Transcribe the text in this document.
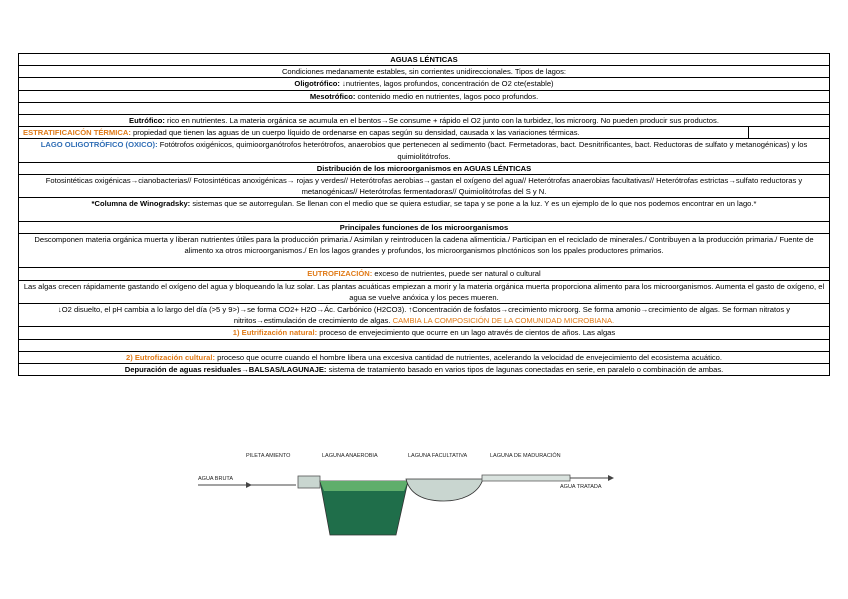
AGUAS LÉNTICAS
Condiciones medanamente estables, sin corrientes unidireccionales. Tipos de lagos:
Oligotrófico: ↓nutrientes, lagos profundos, concentración de O2 cte(estable)
Mesotrófico: contenido medio en nutrientes, lagos poco profundos.
Eutrófico: rico en nutrientes. La materia orgánica se acumula en el bentos→Se consume + rápido el O2 junto con la turbidez, los microorg. No pueden producir sus productos.
ESTRATIFICAICÓN TÉRMICA: propiedad que tienen las aguas de un cuerpo líquido de ordenarse en capas según su densidad, causada x las variaciones térmicas.
LAGO OLIGOTRÓFICO (OXICO): Fotótrofos oxigénicos, quimioorganótrofos heterótrofos, anaerobios que pertenecen al sedimento (bact. Fermetadoras, bact. Desnitrificantes, bact. Reductoras de sulfato y metanogénicas) y los quimiolitótrofos.
Distribución de los microorganismos en AGUAS LÉNTICAS
Fotosintéticas oxigénicas→cianobacterias// Fotosintéticas anoxigénicas→ rojas y verdes// Heterótrofas aerobias→gastan el oxígeno del agua// Heterótrofas anaerobias facultativas// Heterótrofas estrictas→sulfato reductoras y metanogénicas// Heterótrofas fermentadoras// Quimiolitótrofas del S y N.
*Columna de Winogradsky: sistemas que se autorregulan. Se llenan con el medio que se quiera estudiar, se tapa y se pone a la luz. Y es un ejemplo de lo que nos podemos encontrar en un lago.*
Principales funciones de los microorganismos
Descomponen materia orgánica muerta y liberan nutrientes útiles para la producción primaria./ Asimilan y reintroducen la cadena alimenticia./ Participan en el reciclado de minerales./ Contribuyen a la producción primaria./ Fuente de alimento xa otros microorganismos./ En los lagos grandes y profundos, los microorganismos plnctónicos son los ppales productores primarios.
EUTROFIZACIÓN: exceso de nutrientes, puede ser natural o cultural
Las algas crecen rápidamente gastando el oxígeno del agua y bloqueando la luz solar. Las plantas acuáticas empiezan a morir y la materia orgánica muerta proporciona alimento para los microorganismos. Aumenta el gasto de oxígeno, el agua se vuelve anóxica y los peces mueren.
↓O2 disuelto, el pH cambia a lo largo del día (>5 y 9>)→se forma CO2+ H2O→Ác. Carbónico (H2CO3). ↑Concentración de fosfatos→crecimiento microorg. Se forma amonio→crecimiento de algas. Se forman nitratos y nitritos→estimulación de crecimiento de algas. CAMBIA LA COMPOSICIÓN DE LA COMUNIDAD MICROBIANA.
1) Eutrifización natural: proceso de envejecimiento que ocurre en un lago através de cientos de años. Las algas
2) Eutrofización cultural: proceso que ocurre cuando el hombre libera una excesiva cantidad de nutrientes, acelerando la velocidad de envejecimiento del ecosistema acuático.
Depuración de aguas residuales→BALSAS/LAGUNAJE: sistema de tratamiento basado en varios tipos de lagunas conectadas en serie, en paralelo o combinación de ambas.
PILETA AMIENTO	LAGUNA ANAEROBIA	LAGUNA FACULTATIVA	LAGUNA DE MADURACIÓN
AGUA BRUTA
AGUA TRATADA
